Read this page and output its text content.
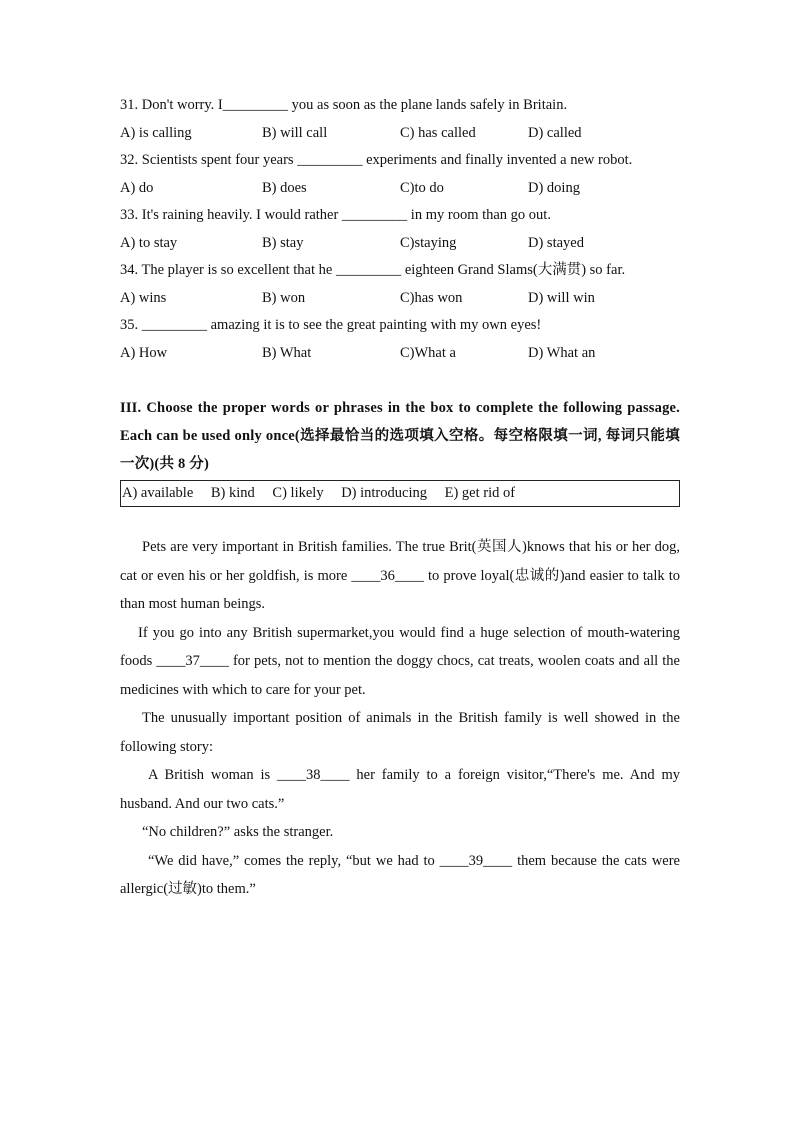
31. Don't worry. I_________ you as soon as the plane lands safely in Britain.
A) is calling	B) will call	C) has called	D) called
32. Scientists spent four years _________ experiments and finally invented a new robot.
A) do	B) does	C)to do	D) doing
33. It's raining heavily. I would rather _________ in my room than go out.
A) to stay	B) stay	C)staying	D) stayed
34. The player is so excellent that he _________ eighteen Grand Slams(大满贯) so far.
A) wins	B) won	C)has won	D) will win
35. _________ amazing it is to see the great painting with my own eyes!
A) How	B) What	C)What a	D) What an
III. Choose the proper words or phrases in the box to complete the following passage. Each can be used only once(选择最恰当的选项填入空格。每空格限填一词, 每词只能填一次)(共 8 分)
A) available B) kind C) likely D) introducing E) get rid of

Pets are very important in British families. The true Brit(英国人)knows that his or her dog, cat or even his or her goldfish, is more ____36____ to prove loyal(忠诚的)and easier to talk to than most human beings.

If you go into any British supermarket,you would find a huge selection of mouth-watering foods ____37____ for pets, not to mention the doggy chocs, cat treats, woolen coats and all the medicines with which to care for your pet.

The unusually important position of animals in the British family is well showed in the following story:

A British woman is ____38____ her family to a foreign visitor,“There's me. And my husband. And our two cats.”

“No children?” asks the stranger.

“We did have,” comes the reply, “but we had to ____39____ them because the cats were allergic(过敏)to them.”
